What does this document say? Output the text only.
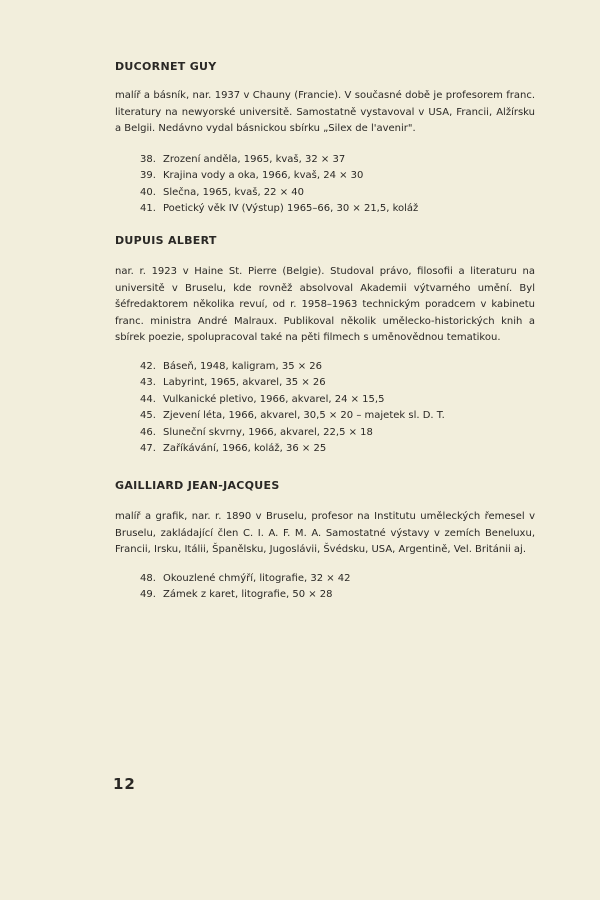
DUCORNET GUY

malíř a básník, nar. 1937 v Chauny (Francie). V současné době je profesorem franc. literatury na newyorské universitě. Samostatně vystavoval v USA, Francii, Alžírsku a Belgii. Nedávno vydal básnickou sbírku „Silex de l'avenir".

38. Zrození anděla, 1965, kvaš, 32 × 37
39. Krajina vody a oka, 1966, kvaš, 24 × 30
40. Slečna, 1965, kvaš, 22 × 40
41. Poetický věk IV (Výstup) 1965–66, 30 × 21,5, koláž
DUPUIS ALBERT

nar. r. 1923 v Haine St. Pierre (Belgie). Studoval právo, filosofii a literaturu na universitě v Bruselu, kde rovněž absolvoval Akademii výtvarného umění. Byl šéfredaktorem několika revuí, od r. 1958–1963 technickým poradcem v kabinetu franc. ministra André Malraux. Publikoval několik umělecko-historických knih a sbírek poezie, spolupracoval také na pěti filmech s uměnovědnou tematikou.

42. Báseň, 1948, kaligram, 35 × 26
43. Labyrint, 1965, akvarel, 35 × 26
44. Vulkanické pletivo, 1966, akvarel, 24 × 15,5
45. Zjevení léta, 1966, akvarel, 30,5 × 20 – majetek sl. D. T.
46. Sluneční skvrny, 1966, akvarel, 22,5 × 18
47. Zaříkávání, 1966, koláž, 36 × 25
GAILLIARD JEAN-JACQUES

malíř a grafik, nar. r. 1890 v Bruselu, profesor na Institutu uměleckých řemesel v Bruselu, zakládající člen C. I. A. F. M. A. Samostatné výstavy v zemích Beneluxu, Francii, Irsku, Itálii, Španělsku, Jugoslávii, Švédsku, USA, Argentině, Vel. Británii aj.

48. Okouzlené chmýří, litografie, 32 × 42
49. Zámek z karet, litografie, 50 × 28
12
